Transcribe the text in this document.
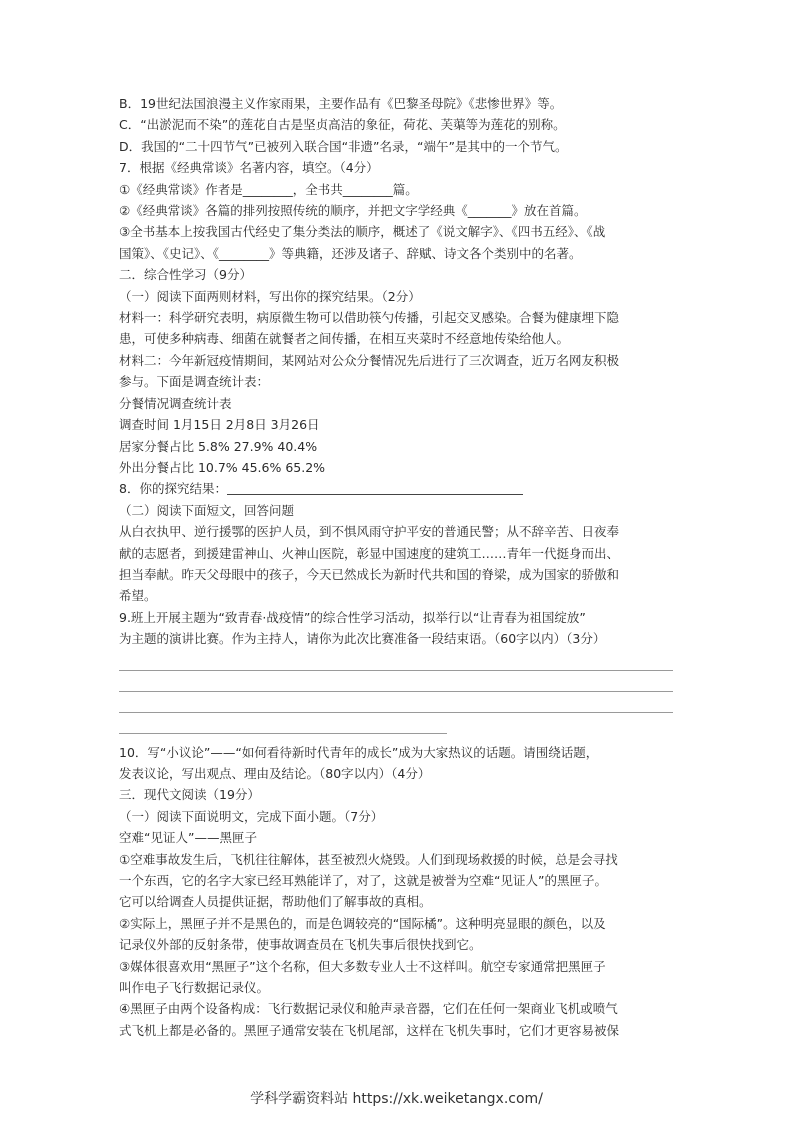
B．19世纪法国浪漫主义作家雨果，主要作品有《巴黎圣母院》《悲惨世界》等。
C．“出淤泥而不染”的莲花自古是坚贞高洁的象征，荷花、芙蕖等为莲花的别称。
D．我国的“二十四节气”已被列入联合国“非遗”名录，“端午”是其中的一个节气。
7．根据《经典常谈》名著内容，填空。（4分）
①《经典常谈》作者是________，全书共________篇。
②《经典常谈》各篇的排列按照传统的顺序，并把文字学经典《_______》放在首篇。
③全书基本上按我国古代经史了集分类法的顺序，概述了《说文解字》、《四书五经》、《战
国策》、《史记》、《________》等典籍，还涉及诸子、辞赋、诗文各个类别中的名著。
二．综合性学习（9分）
（一）阅读下面两则材料，写出你的探究结果。（2分）
材料一：科学研究表明，病原微生物可以借助筷勺传播，引起交叉感染。合餐为健康埋下隐
患，可使多种病毒、细菌在就餐者之间传播，在相互夹菜时不经意地传染给他人。
材料二：今年新冠疫情期间，某网站对公众分餐情况先后进行了三次调查，近万名网友积极
参与。下面是调查统计表：
分餐情况调查统计表
调查时间 1月15日 2月8日 3月26日
居家分餐占比 5.8% 27.9% 40.4%
外出分餐占比 10.7% 45.6% 65.2%
8．你的探究结果：
（二）阅读下面短文，回答问题
从白衣执甲、逆行援鄂的医护人员，到不惧风雨守护平安的普通民警；从不辞辛苦、日夜奉
献的志愿者，到援建雷神山、火神山医院，彰显中国速度的建筑工……青年一代挺身而出、
担当奉献。昨天父母眼中的孩子，今天已然成长为新时代共和国的脊梁，成为国家的骄傲和
希望。
9.班上开展主题为“致青春·战疫情”的综合性学习活动，拟举行以“让青春为祖国绽放”
为主题的演讲比赛。作为主持人，请你为此次比赛准备一段结束语。（60字以内）（3分）
10．写“小议论”——“如何看待新时代青年的成长”成为大家热议的话题。请围绕话题，
发表议论，写出观点、理由及结论。（80字以内）（4分）
三．现代文阅读（19分）
（一）阅读下面说明文，完成下面小题。（7分）
空难“见证人”——黑匣子
①空难事故发生后，飞机往往解体，甚至被烈火烧毁。人们到现场救援的时候，总是会寻找
一个东西，它的名字大家已经耳熟能详了，对了，这就是被誉为空难“见证人”的黑匣子。
它可以给调查人员提供证据，帮助他们了解事故的真相。
②实际上，黑匣子并不是黑色的，而是色调较亮的“国际橘”。这种明亮显眼的颜色，以及
记录仪外部的反射条带，使事故调查员在飞机失事后很快找到它。
③媒体很喜欢用“黑匣子”这个名称，但大多数专业人士不这样叫。航空专家通常把黑匣子
叫作电子飞行数据记录仪。
④黑匣子由两个设备构成：飞行数据记录仪和舱声录音器，它们在任何一架商业飞机或喷气
式飞机上都是必备的。黑匣子通常安装在飞机尾部，这样在飞机失事时，它们才更容易被保
学科学霸资料站 https://xk.weiketangx.com/
